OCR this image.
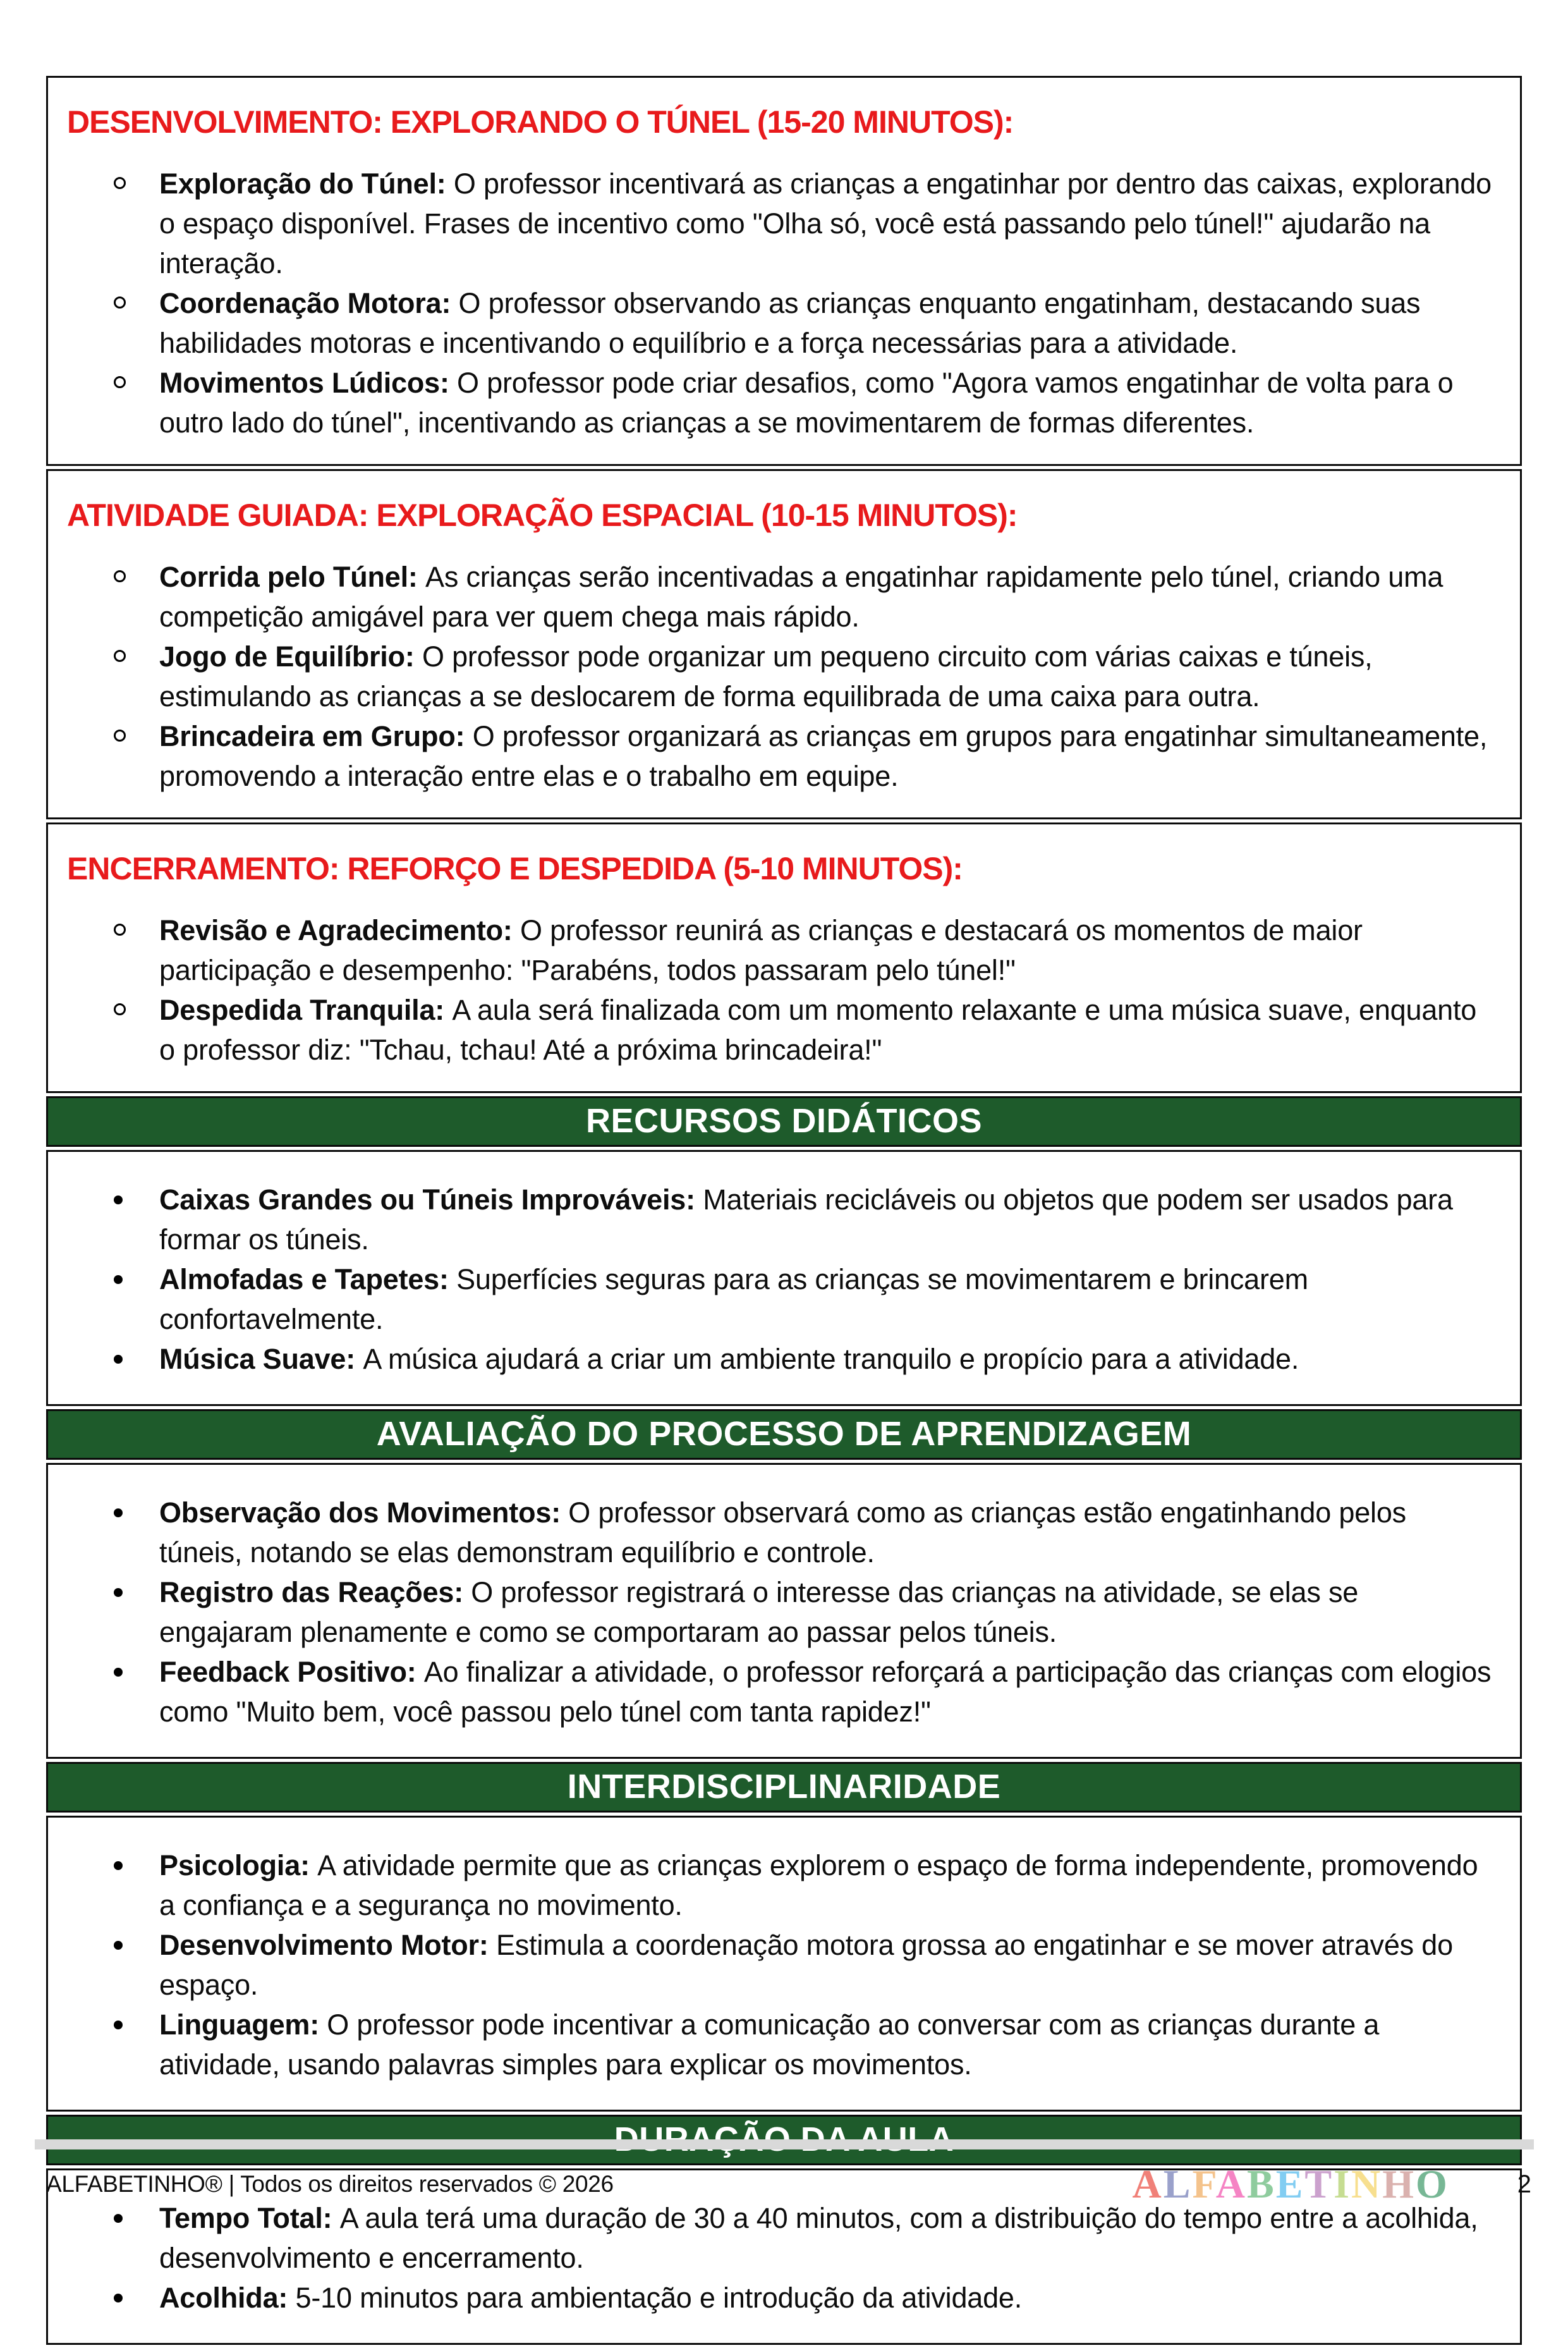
DESENVOLVIMENTO: EXPLORANDO O TÚNEL (15-20 MINUTOS):
Exploração do Túnel: O professor incentivará as crianças a engatinhar por dentro das caixas, explorando o espaço disponível. Frases de incentivo como "Olha só, você está passando pelo túnel!" ajudarão na interação.
Coordenação Motora: O professor observando as crianças enquanto engatinham, destacando suas habilidades motoras e incentivando o equilíbrio e a força necessárias para a atividade.
Movimentos Lúdicos: O professor pode criar desafios, como "Agora vamos engatinhar de volta para o outro lado do túnel", incentivando as crianças a se movimentarem de formas diferentes.
ATIVIDADE GUIADA: EXPLORAÇÃO ESPACIAL (10-15 MINUTOS):
Corrida pelo Túnel: As crianças serão incentivadas a engatinhar rapidamente pelo túnel, criando uma competição amigável para ver quem chega mais rápido.
Jogo de Equilíbrio: O professor pode organizar um pequeno circuito com várias caixas e túneis, estimulando as crianças a se deslocarem de forma equilibrada de uma caixa para outra.
Brincadeira em Grupo: O professor organizará as crianças em grupos para engatinhar simultaneamente, promovendo a interação entre elas e o trabalho em equipe.
ENCERRAMENTO: REFORÇO E DESPEDIDA (5-10 MINUTOS):
Revisão e Agradecimento: O professor reunirá as crianças e destacará os momentos de maior participação e desempenho: "Parabéns, todos passaram pelo túnel!"
Despedida Tranquila: A aula será finalizada com um momento relaxante e uma música suave, enquanto o professor diz: "Tchau, tchau! Até a próxima brincadeira!"
RECURSOS DIDÁTICOS
Caixas Grandes ou Túneis Improváveis: Materiais recicláveis ou objetos que podem ser usados para formar os túneis.
Almofadas e Tapetes: Superfícies seguras para as crianças se movimentarem e brincarem confortavelmente.
Música Suave: A música ajudará a criar um ambiente tranquilo e propício para a atividade.
AVALIAÇÃO DO PROCESSO DE APRENDIZAGEM
Observação dos Movimentos: O professor observará como as crianças estão engatinhando pelos túneis, notando se elas demonstram equilíbrio e controle.
Registro das Reações: O professor registrará o interesse das crianças na atividade, se elas se engajaram plenamente e como se comportaram ao passar pelos túneis.
Feedback Positivo: Ao finalizar a atividade, o professor reforçará a participação das crianças com elogios como "Muito bem, você passou pelo túnel com tanta rapidez!"
INTERDISCIPLINARIDADE
Psicologia: A atividade permite que as crianças explorem o espaço de forma independente, promovendo a confiança e a segurança no movimento.
Desenvolvimento Motor: Estimula a coordenação motora grossa ao engatinhar e se mover através do espaço.
Linguagem: O professor pode incentivar a comunicação ao conversar com as crianças durante a atividade, usando palavras simples para explicar os movimentos.
Tempo Total: A aula terá uma duração de 30 a 40 minutos, com a distribuição do tempo entre a acolhida, desenvolvimento e encerramento.
Acolhida: 5-10 minutos para ambientação e introdução da atividade.
ALFABETINHO® | Todos os direitos reservados © 2026	ALFABETINHO	2
